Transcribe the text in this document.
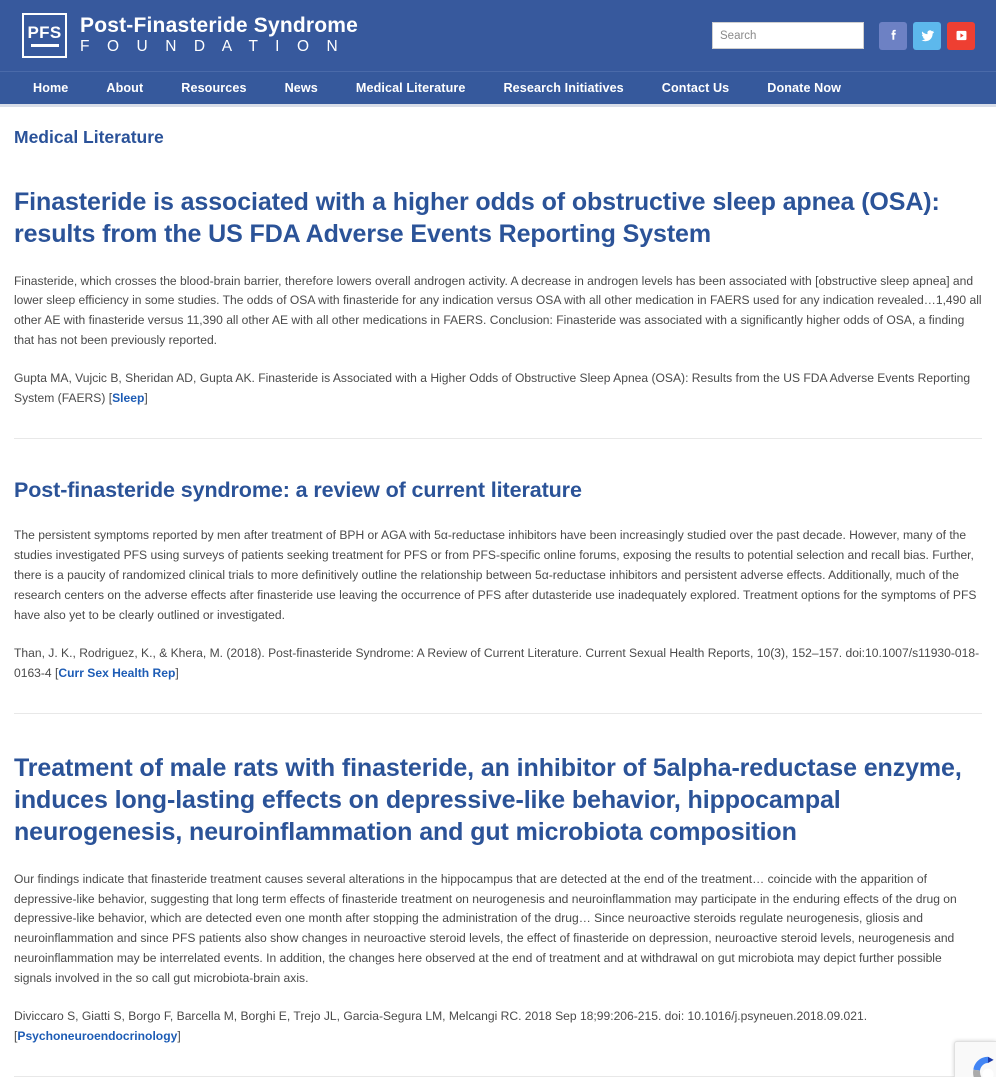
PFS Post-Finasteride Syndrome
F O U N D A T I O N
Search
Home	About	Resources	News	Medical Literature	Research Initiatives	Contact Us	Donate Now
Medical Literature
Finasteride is associated with a higher odds of obstructive sleep apnea (OSA): results from the US FDA Adverse Events Reporting System

Finasteride, which crosses the blood-brain barrier, therefore lowers overall androgen activity. A decrease in androgen levels has been associated with [obstructive sleep apnea] and lower sleep efficiency in some studies. The odds of OSA with finasteride for any indication versus OSA with all other medication in FAERS used for any indication revealed…1,490 all other AE with finasteride versus 11,390 all other AE with all other medications in FAERS. Conclusion: Finasteride was associated with a significantly higher odds of OSA, a finding that has not been previously reported.

Gupta MA, Vujcic B, Sheridan AD, Gupta AK. Finasteride is Associated with a Higher Odds of Obstructive Sleep Apnea (OSA): Results from the US FDA Adverse Events Reporting System (FAERS) [Sleep]

Post-finasteride syndrome: a review of current literature

The persistent symptoms reported by men after treatment of BPH or AGA with 5α-reductase inhibitors have been increasingly studied over the past decade. However, many of the studies investigated PFS using surveys of patients seeking treatment for PFS or from PFS-specific online forums, exposing the results to potential selection and recall bias. Further, there is a paucity of randomized clinical trials to more definitively outline the relationship between 5α-reductase inhibitors and persistent adverse effects. Additionally, much of the research centers on the adverse effects after finasteride use leaving the occurrence of PFS after dutasteride use inadequately explored. Treatment options for the symptoms of PFS have also yet to be clearly outlined or investigated.

Than, J. K., Rodriguez, K., & Khera, M. (2018). Post-finasteride Syndrome: A Review of Current Literature. Current Sexual Health Reports, 10(3), 152–157. doi:10.1007/s11930-018-0163-4 [Curr Sex Health Rep]

Treatment of male rats with finasteride, an inhibitor of 5alpha-reductase enzyme, induces long-lasting effects on depressive-like behavior, hippocampal neurogenesis, neuroinflammation and gut microbiota composition

Our findings indicate that finasteride treatment causes several alterations in the hippocampus that are detected at the end of the treatment… coincide with the apparition of depressive-like behavior, suggesting that long term effects of finasteride treatment on neurogenesis and neuroinflammation may participate in the enduring effects of the drug on depressive-like behavior, which are detected even one month after stopping the administration of the drug… Since neuroactive steroids regulate neurogenesis, gliosis and neuroinflammation and since PFS patients also show changes in neuroactive steroid levels, the effect of finasteride on depression, neuroactive steroid levels, neurogenesis and neuroinflammation may be interrelated events. In addition, the changes here observed at the end of treatment and at withdrawal on gut microbiota may depict further possible signals involved in the so call gut microbiota-brain axis.

Diviccaro S, Giatti S, Borgo F, Barcella M, Borghi E, Trejo JL, Garcia-Segura LM, Melcangi RC. 2018 Sep 18;99:206-215. doi: 10.1016/j.psyneuen.2018.09.021. [Psychoneuroendocrinology]
